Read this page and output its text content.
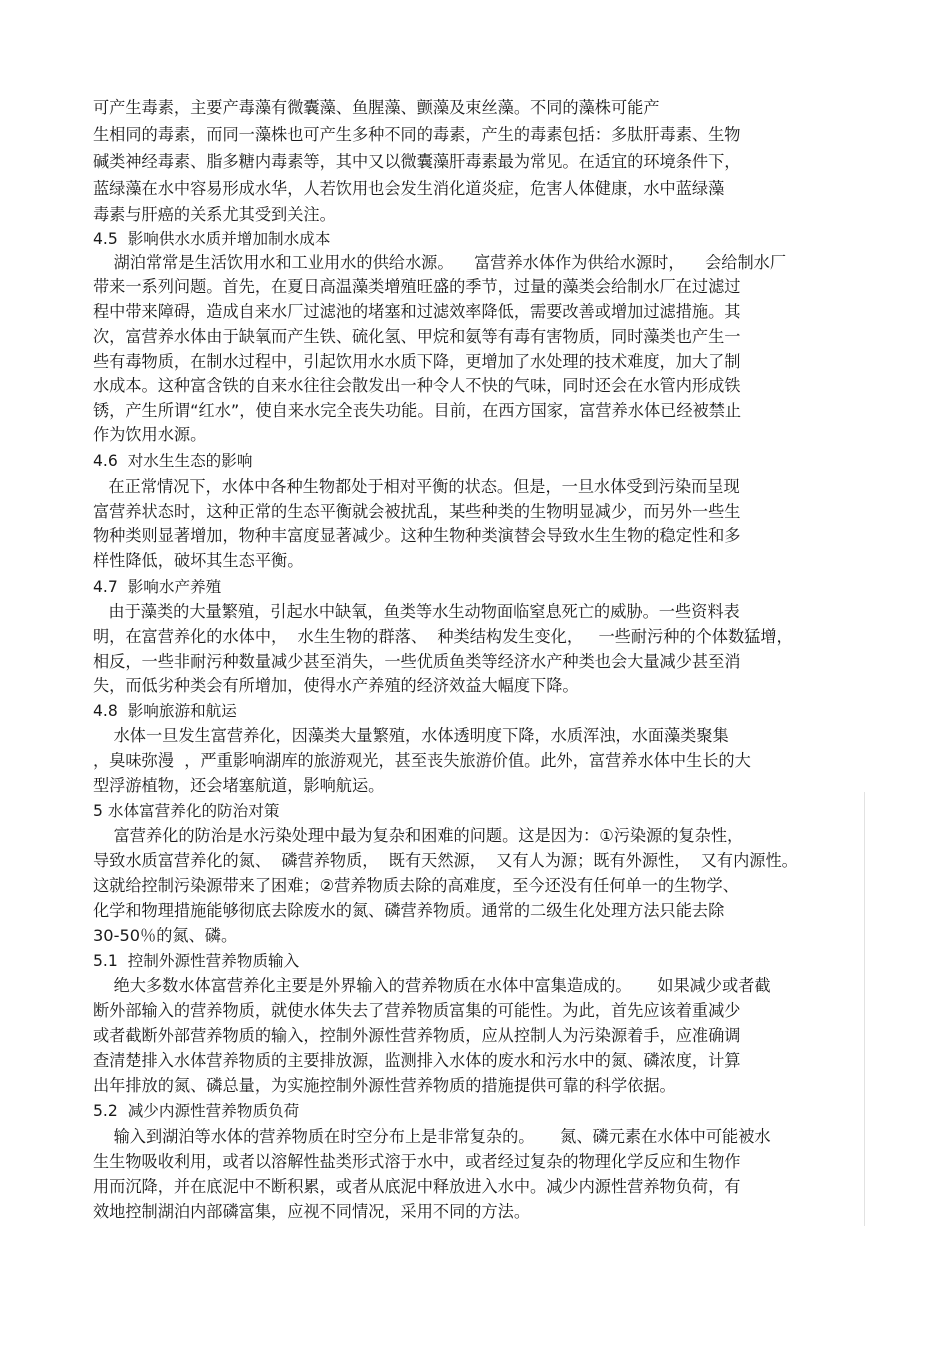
可产生毒素，主要产毒藻有微囊藻、鱼腥藻、颤藻及束丝藻。不同的藻株可能产
生相同的毒素，而同一藻株也可产生多种不同的毒素，产生的毒素包括：多肽肝毒素、生物
碱类神经毒素、脂多糖内毒素等，其中又以微囊藻肝毒素最为常见。在适宜的环境条件下，
蓝绿藻在水中容易形成水华，人若饮用也会发生消化道炎症，危害人体健康，水中蓝绿藻
毒素与肝癌的关系尤其受到关注。
4.5  影响供水水质并增加制水成本
湖泊常常是生活饮用水和工业用水的供给水源。    富营养水体作为供给水源时，    会给制水厂
带来一系列问题。首先，在夏日高温藻类增殖旺盛的季节，过量的藻类会给制水厂在过滤过
程中带来障碍，造成自来水厂过滤池的堵塞和过滤效率降低，需要改善或增加过滤措施。其
次，富营养水体由于缺氧而产生铁、硫化氢、甲烷和氨等有毒有害物质，同时藻类也产生一
些有毒物质，在制水过程中，引起饮用水水质下降，更增加了水处理的技术难度，加大了制
水成本。这种富含铁的自来水往往会散发出一种令人不快的气味，同时还会在水管内形成铁
锈，产生所谓“红水”，使自来水完全丧失功能。目前，在西方国家，富营养水体已经被禁止
作为饮用水源。
4.6  对水生生态的影响
在正常情况下，水体中各种生物都处于相对平衡的状态。但是，一旦水体受到污染而呈现
富营养状态时，这种正常的生态平衡就会被扰乱，某些种类的生物明显减少，而另外一些生
物种类则显著增加，物种丰富度显著减少。这种生物种类演替会导致水生生物的稳定性和多
样性降低，破坏其生态平衡。
4.7  影响水产养殖
由于藻类的大量繁殖，引起水中缺氧，鱼类等水生动物面临窒息死亡的威胁。一些资料表
明，在富营养化的水体中，  水生生物的群落、  种类结构发生变化，   一些耐污种的个体数猛增，
相反，一些非耐污种数量减少甚至消失，一些优质鱼类等经济水产种类也会大量减少甚至消
失，而低劣种类会有所增加，使得水产养殖的经济效益大幅度下降。
4.8  影响旅游和航运
水体一旦发生富营养化，因藻类大量繁殖，水体透明度下降，水质浑浊，水面藻类聚集
，臭味弥漫  ，严重影响湖库的旅游观光，甚至丧失旅游价值。此外，富营养水体中生长的大
型浮游植物，还会堵塞航道，影响航运。
5 水体富营养化的防治对策
富营养化的防治是水污染处理中最为复杂和困难的问题。这是因为：①污染源的复杂性，
导致水质富营养化的氮、  磷营养物质，  既有天然源，  又有人为源；既有外源性，  又有内源性。
这就给控制污染源带来了困难；②营养物质去除的高难度，至今还没有任何单一的生物学、
化学和物理措施能够彻底去除废水的氮、磷营养物质。通常的二级生化处理方法只能去除
30-50％的氮、磷。
5.1  控制外源性营养物质输入
绝大多数水体富营养化主要是外界输入的营养物质在水体中富集造成的。     如果减少或者截
断外部输入的营养物质，就使水体失去了营养物质富集的可能性。为此，首先应该着重减少
或者截断外部营养物质的输入，控制外源性营养物质，应从控制人为污染源着手，应准确调
查清楚排入水体营养物质的主要排放源，监测排入水体的废水和污水中的氮、磷浓度，计算
出年排放的氮、磷总量，为实施控制外源性营养物质的措施提供可靠的科学依据。
5.2  减少内源性营养物质负荷
输入到湖泊等水体的营养物质在时空分布上是非常复杂的。     氮、磷元素在水体中可能被水
生生物吸收利用，或者以溶解性盐类形式溶于水中，或者经过复杂的物理化学反应和生物作
用而沉降，并在底泥中不断积累，或者从底泥中释放进入水中。减少内源性营养物负荷，有
效地控制湖泊内部磷富集，应视不同情况，采用不同的方法。
